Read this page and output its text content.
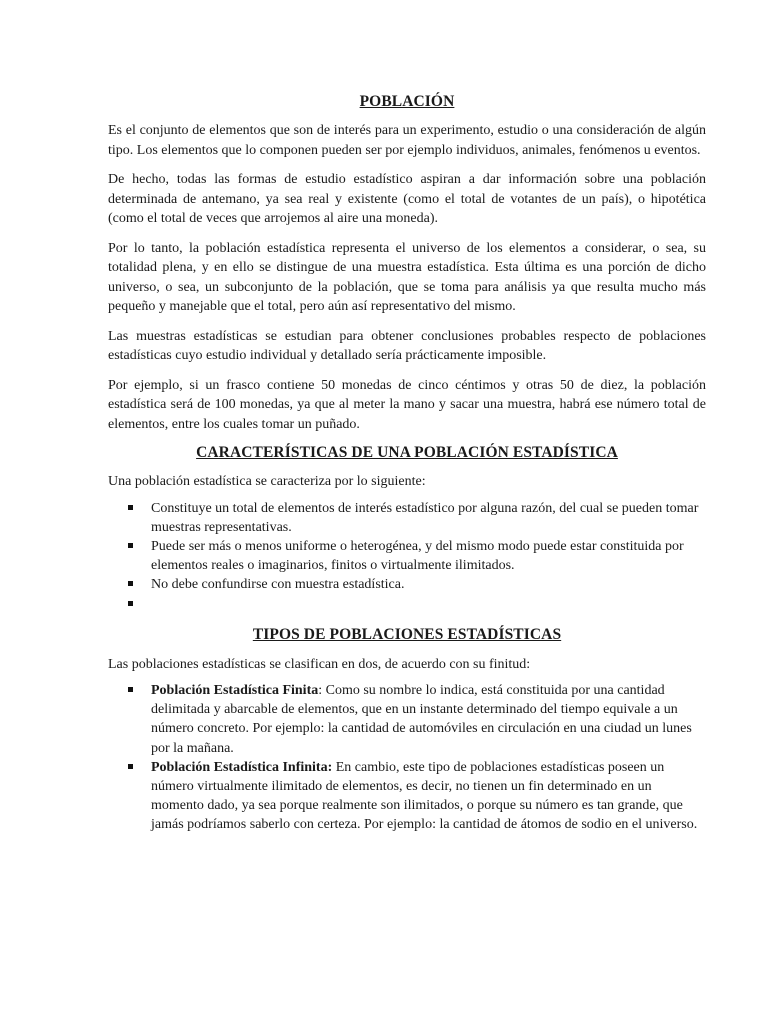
POBLACIÓN

Es el conjunto de elementos que son de interés para un experimento, estudio o una consideración de algún tipo. Los elementos que lo componen pueden ser por ejemplo individuos, animales, fenómenos u eventos.

De hecho, todas las formas de estudio estadístico aspiran a dar información sobre una población determinada de antemano, ya sea real y existente (como el total de votantes de un país), o hipotética (como el total de veces que arrojemos al aire una moneda).

Por lo tanto, la población estadística representa el universo de los elementos a considerar, o sea, su totalidad plena, y en ello se distingue de una muestra estadística. Esta última es una porción de dicho universo, o sea, un subconjunto de la población, que se toma para análisis ya que resulta mucho más pequeño y manejable que el total, pero aún así representativo del mismo.

Las muestras estadísticas se estudian para obtener conclusiones probables respecto de poblaciones estadísticas cuyo estudio individual y detallado sería prácticamente imposible.

Por ejemplo, si un frasco contiene 50 monedas de cinco céntimos y otras 50 de diez, la población estadística será de 100 monedas, ya que al meter la mano y sacar una muestra, habrá ese número total de elementos, entre los cuales tomar un puñado.

CARACTERÍSTICAS DE UNA POBLACIÓN ESTADÍSTICA

Una población estadística se caracteriza por lo siguiente:

Constituye un total de elementos de interés estadístico por alguna razón, del cual se pueden tomar muestras representativas.
Puede ser más o menos uniforme o heterogénea, y del mismo modo puede estar constituida por elementos reales o imaginarios, finitos o virtualmente ilimitados.
No debe confundirse con muestra estadística.
TIPOS DE POBLACIONES ESTADÍSTICAS

Las poblaciones estadísticas se clasifican en dos, de acuerdo con su finitud:

Población Estadística Finita: Como su nombre lo indica, está constituida por una cantidad delimitada y abarcable de elementos, que en un instante determinado del tiempo equivale a un número concreto. Por ejemplo: la cantidad de automóviles en circulación en una ciudad un lunes por la mañana.
Población Estadística Infinita: En cambio, este tipo de poblaciones estadísticas poseen un número virtualmente ilimitado de elementos, es decir, no tienen un fin determinado en un momento dado, ya sea porque realmente son ilimitados, o porque su número es tan grande, que jamás podríamos saberlo con certeza. Por ejemplo: la cantidad de átomos de sodio en el universo.
